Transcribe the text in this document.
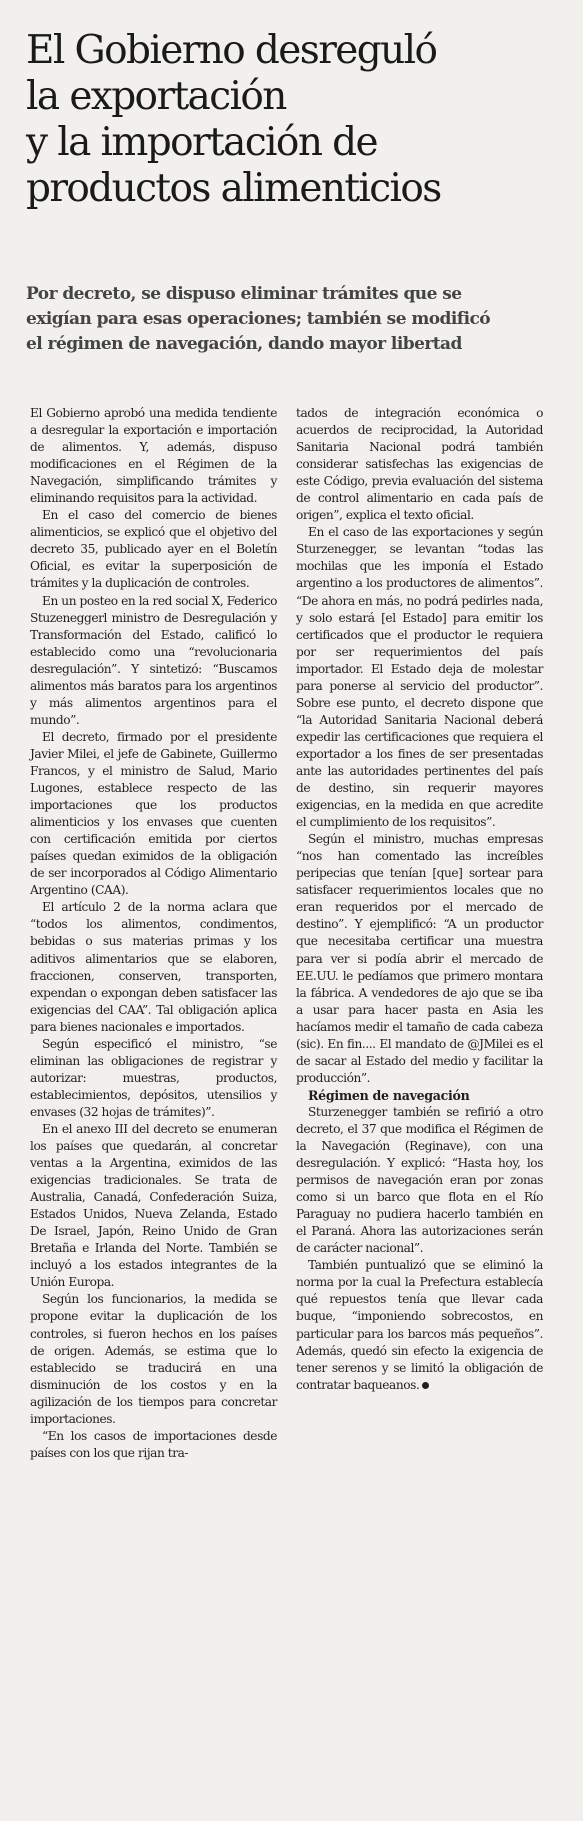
El Gobierno desreguló
la exportación
y la importación de
productos alimenticios
Por decreto, se dispuso eliminar trámites que se
exigían para esas operaciones; también se modificó
el régimen de navegación, dando mayor libertad

El Gobierno aprobó una medida tendiente a desregular la exportación e importación de alimentos. Y, además, dispuso modificaciones en el Régimen de la Navegación, simplificando trámites y eliminando requisitos para la actividad.

En el caso del comercio de bienes alimenticios, se explicó que el objetivo del decreto 35, publicado ayer en el Boletín Oficial, es evitar la superposición de trámites y la duplicación de controles.

En un posteo en la red social X, Federico Stuzeneggerl ministro de Desregulación y Transformación del Estado, calificó lo establecido como una “revolucionaria desregulación”. Y sintetizó: “Buscamos alimentos más baratos para los argentinos y más alimentos argentinos para el mundo”.

El decreto, firmado por el presidente Javier Milei, el jefe de Gabinete, Guillermo Francos, y el ministro de Salud, Mario Lugones, establece respecto de las importaciones que los productos alimenticios y los envases que cuenten con certificación emitida por ciertos países quedan eximidos de la obligación de ser incorporados al Código Alimentario Argentino (CAA).

El artículo 2 de la norma aclara que “todos los alimentos, condimentos, bebidas o sus materias primas y los aditivos alimentarios que se elaboren, fraccionen, conserven, transporten, expendan o expongan deben satisfacer las exigencias del CAA”. Tal obligación aplica para bienes nacionales e importados.

Según especificó el ministro, “se eliminan las obligaciones de registrar y autorizar: muestras, productos, establecimientos, depósitos, utensilios y envases (32 hojas de trámites)”.

En el anexo III del decreto se enumeran los países que quedarán, al concretar ventas a la Argentina, eximidos de las exigencias tradicionales. Se trata de Australia, Canadá, Confederación Suiza, Estados Unidos, Nueva Zelanda, Estado De Israel, Japón, Reino Unido de Gran Bretaña e Irlanda del Norte. También se incluyó a los estados integrantes de la Unión Europa.

Según los funcionarios, la medida se propone evitar la duplicación de los controles, si fueron hechos en los países de origen. Además, se estima que lo establecido se traducirá en una disminución de los costos y en la agilización de los tiempos para concretar importaciones.

“En los casos de importaciones desde países con los que rijan tra-

tados de integración económica o acuerdos de reciprocidad, la Autoridad Sanitaria Nacional podrá también considerar satisfechas las exigencias de este Código, previa evaluación del sistema de control alimentario en cada país de origen”, explica el texto oficial.

En el caso de las exportaciones y según Sturzenegger, se levantan “todas las mochilas que les imponía el Estado argentino a los productores de alimentos”. “De ahora en más, no podrá pedirles nada, y solo estará [el Estado] para emitir los certificados que el productor le requiera por ser requerimientos del país importador. El Estado deja de molestar para ponerse al servicio del productor”. Sobre ese punto, el decreto dispone que “la Autoridad Sanitaria Nacional deberá expedir las certificaciones que requiera el exportador a los fines de ser presentadas ante las autoridades pertinentes del país de destino, sin requerir mayores exigencias, en la medida en que acredite el cumplimiento de los requisitos”.

Según el ministro, muchas empresas “nos han comentado las increíbles peripecias que tenían [que] sortear para satisfacer requerimientos locales que no eran requeridos por el mercado de destino”. Y ejemplificó: “A un productor que necesitaba certificar una muestra para ver si podía abrir el mercado de EE.UU. le pedíamos que primero montara la fábrica. A vendedores de ajo que se iba a usar para hacer pasta en Asia les hacíamos medir el tamaño de cada cabeza (sic). En fin.... El mandato de @JMilei es el de sacar al Estado del medio y facilitar la producción”.

Régimen de navegación

Sturzenegger también se refirió a otro decreto, el 37 que modifica el Régimen de la Navegación (Reginave), con una desregulación. Y explicó: “Hasta hoy, los permisos de navegación eran por zonas como si un barco que flota en el Río Paraguay no pudiera hacerlo también en el Paraná. Ahora las autorizaciones serán de carácter nacional”.

También puntualizó que se eliminó la norma por la cual la Prefectura establecía qué repuestos tenía que llevar cada buque, “imponiendo sobrecostos, en particular para los barcos más pequeños”. Además, quedó sin efecto la exigencia de tener serenos y se limitó la obligación de contratar baqueanos.
